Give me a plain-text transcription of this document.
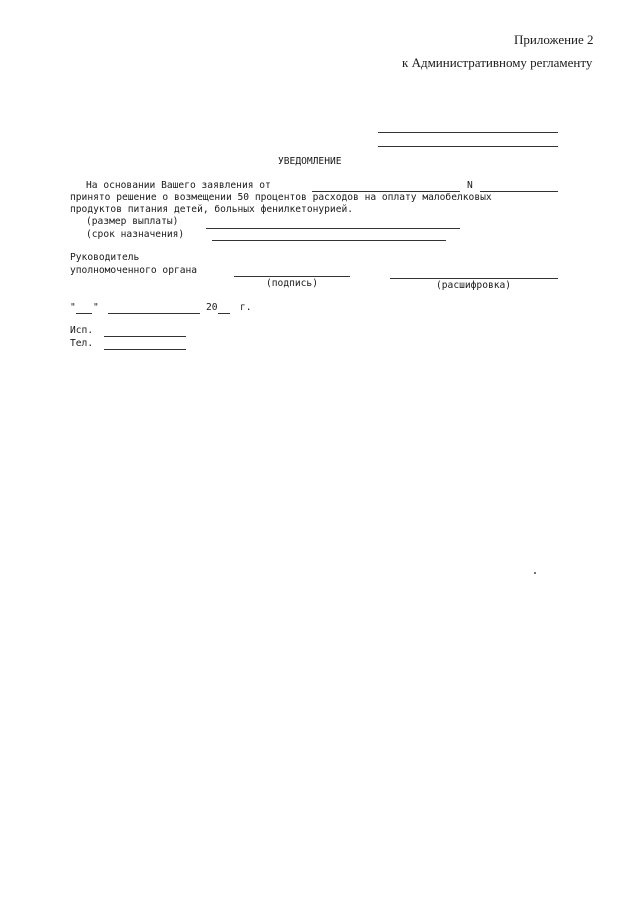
Приложение 2
к Административному регламенту
УВЕДОМЛЕНИЕ
На основании Вашего заявления от	N
принято решение о возмещении 50 процентов расходов на оплату малобелковых
продуктов питания детей, больных фенилкетонурией.
(размер выплаты)
(срок назначения)
Руководитель
уполномоченного органа
(подпись)	(расшифровка)
" "	20 г.
Исп.
Тел.
